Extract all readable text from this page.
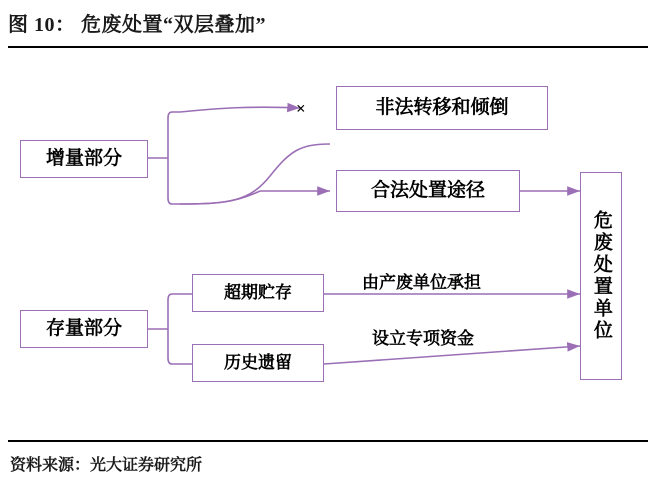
图 10： 危废处置“双层叠加”
增量部分
非法转移和倾倒
合法处置途径
存量部分
超期贮存
历史遗留
危废处置单位
由产废单位承担
设立专项资金
×
资料来源：光大证券研究所
